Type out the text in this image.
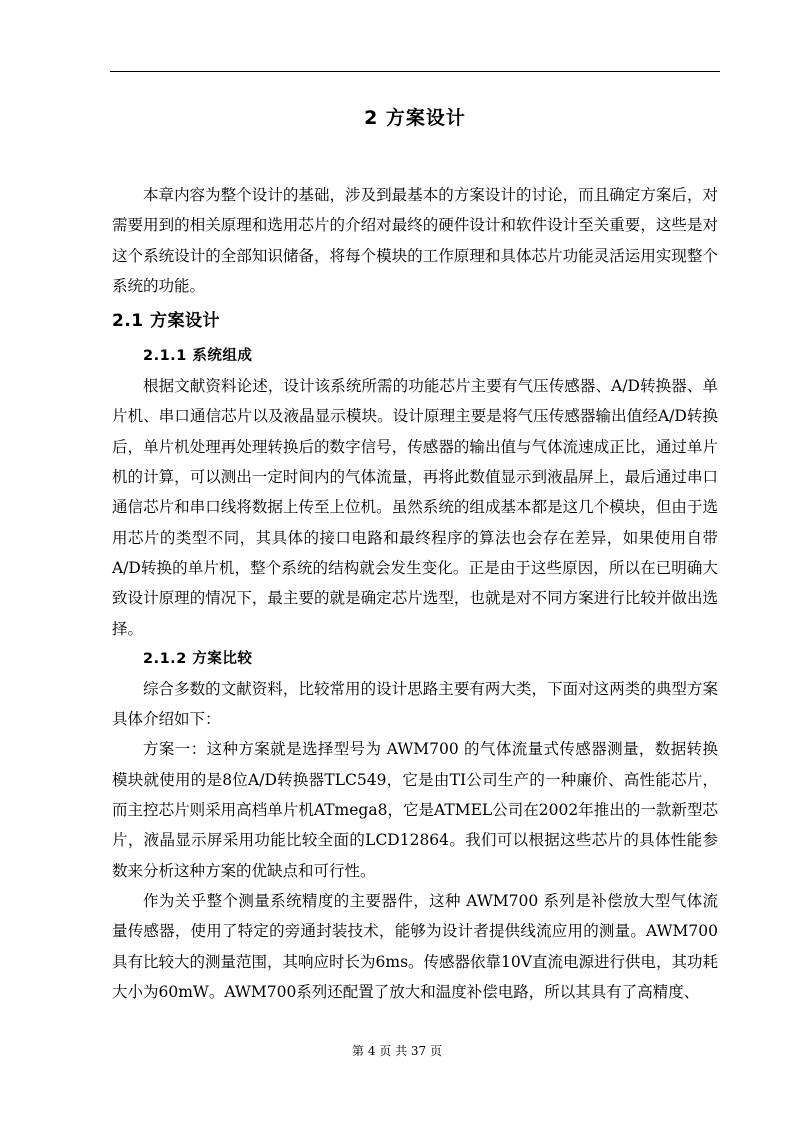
2 方案设计

本章内容为整个设计的基础，涉及到最基本的方案设计的讨论，而且确定方案后，对需要用到的相关原理和选用芯片的介绍对最终的硬件设计和软件设计至关重要，这些是对这个系统设计的全部知识储备，将每个模块的工作原理和具体芯片功能灵活运用实现整个系统的功能。

2.1 方案设计
2.1.1 系统组成

根据文献资料论述，设计该系统所需的功能芯片主要有气压传感器、A/D转换器、单片机、串口通信芯片以及液晶显示模块。设计原理主要是将气压传感器输出值经A/D转换后，单片机处理再处理转换后的数字信号，传感器的输出值与气体流速成正比，通过单片机的计算，可以测出一定时间内的气体流量，再将此数值显示到液晶屏上，最后通过串口通信芯片和串口线将数据上传至上位机。虽然系统的组成基本都是这几个模块，但由于选用芯片的类型不同，其具体的接口电路和最终程序的算法也会存在差异，如果使用自带A/D转换的单片机，整个系统的结构就会发生变化。正是由于这些原因，所以在已明确大致设计原理的情况下，最主要的就是确定芯片选型，也就是对不同方案进行比较并做出选择。

2.1.2 方案比较

综合多数的文献资料，比较常用的设计思路主要有两大类，下面对这两类的典型方案具体介绍如下：

方案一：这种方案就是选择型号为 AWM700 的气体流量式传感器测量，数据转换模块就使用的是8位A/D转换器TLC549，它是由TI公司生产的一种廉价、高性能芯片，而主控芯片则采用高档单片机ATmega8，它是ATMEL公司在2002年推出的一款新型芯片，液晶显示屏采用功能比较全面的LCD12864。我们可以根据这些芯片的具体性能参数来分析这种方案的优缺点和可行性。

作为关乎整个测量系统精度的主要器件，这种 AWM700 系列是补偿放大型气体流量传感器，使用了特定的旁通封装技术，能够为设计者提供线流应用的测量。AWM700具有比较大的测量范围，其响应时长为6ms。传感器依靠10V直流电源进行供电，其功耗大小为60mW。AWM700系列还配置了放大和温度补偿电路，所以其具有了高精度、

第 4 页 共 37 页
